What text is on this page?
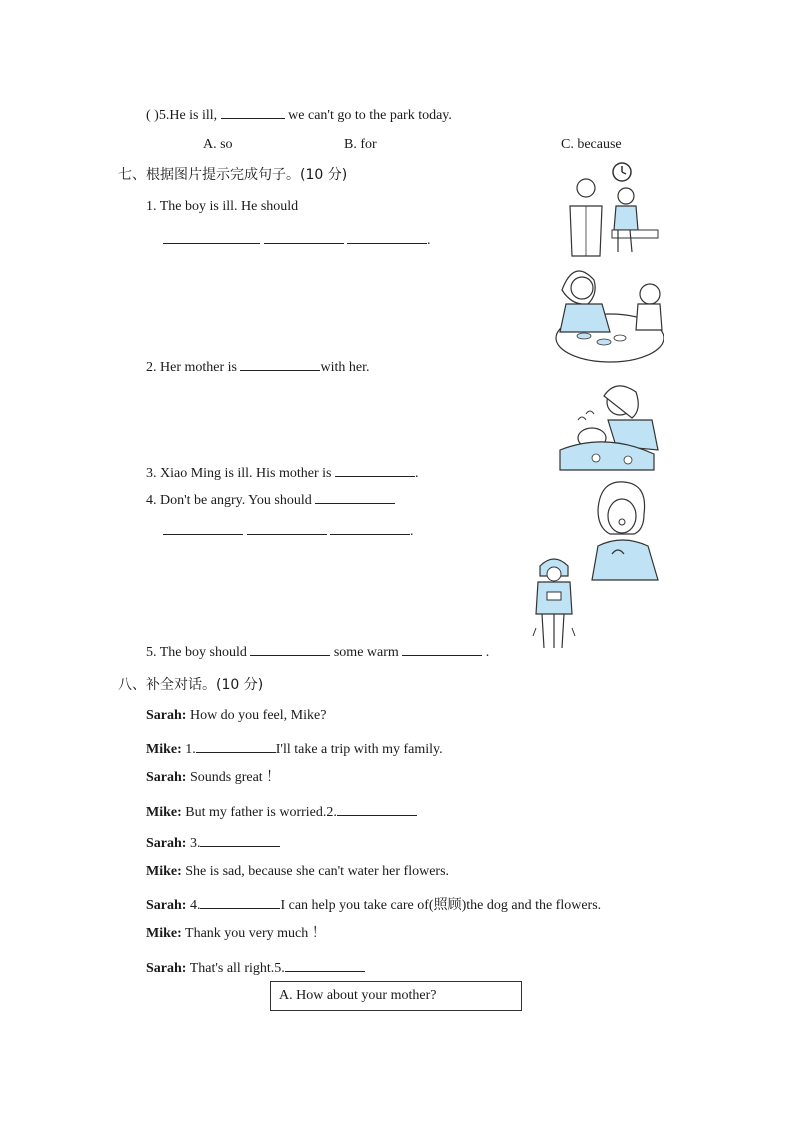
( )5.He is ill,	we can't go to the park today.
A. so	B. for	C. because
七、根据图片提示完成句子。(10 分)
1. The boy is ill. He should
.
2. Her mother is	with her.
3. Xiao Ming is ill. His mother is	.
4. Don't be angry. You should
.
5. The boy should	some warm	.
八、补全对话。(10 分)
Sarah: How do you feel, Mike?
Mike: 1.	I'll take a trip with my family.
Sarah: Sounds great ！
Mike: But my father is worried.2.
Sarah: 3.
Mike: She is sad, because she can't water her flowers.
Sarah: 4.	I can help you take care of(照顾)the dog and the flowers.
Mike: Thank you very much ！
Sarah: That's all right.5.
A. How about your mother?
